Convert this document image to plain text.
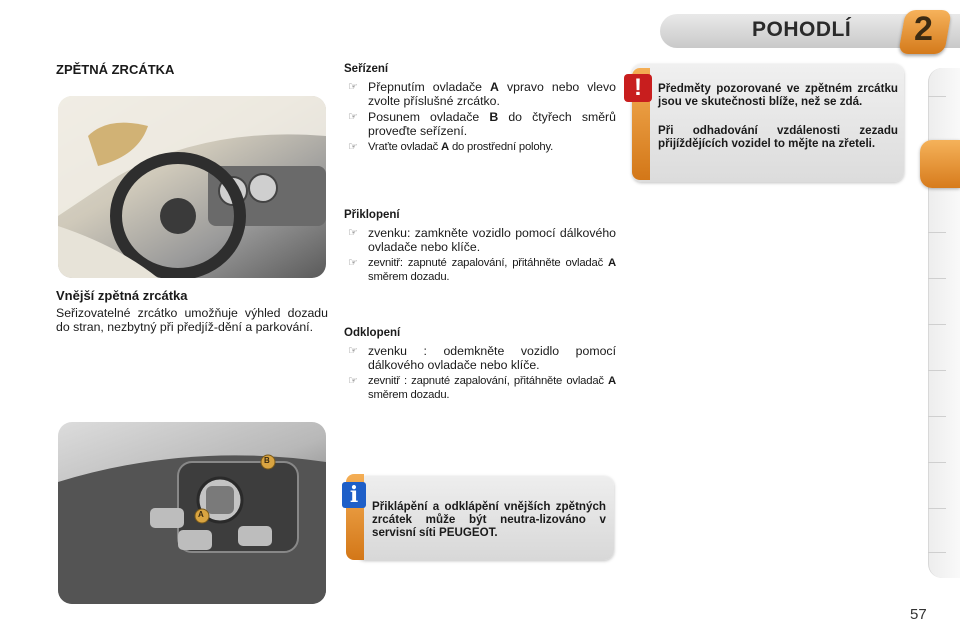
POHODLÍ 2
ZPĚTNÁ ZRCÁTKA
Vnější zpětná zrcátka
Seřizovatelné zrcátko umožňuje výhled dozadu do stran, nezbytný při předjíž-dění a parkování.
B
A
Seřízení
☞ Přepnutím ovladače A vpravo nebo vlevo zvolte příslušné zrcátko.
☞ Posunem ovladače B do čtyřech směrů proveďte seřízení.
☞ Vraťte ovladač A do prostřední polohy.
Přiklopení
☞ zvenku: zamkněte vozidlo pomocí dálkového ovladače nebo klíče.
☞ zevnitř: zapnuté zapalování, přitáhněte ovladač A směrem dozadu.
Odklopení
☞ zvenku : odemkněte vozidlo pomocí dálkového ovladače nebo klíče.
☞ zevnitř : zapnuté zapalování, přitáhněte ovladač A směrem dozadu.
!	Předměty pozorované ve zpětném zrcátku jsou ve skutečnosti blíže, než se zdá.
Při odhadování vzdálenosti zezadu přijíždějících vozidel to mějte na zřeteli.
i	Přiklápění a odklápění vnějších zpětných zrcátek může být neutra-lizováno v servisní síti PEUGEOT.
57
